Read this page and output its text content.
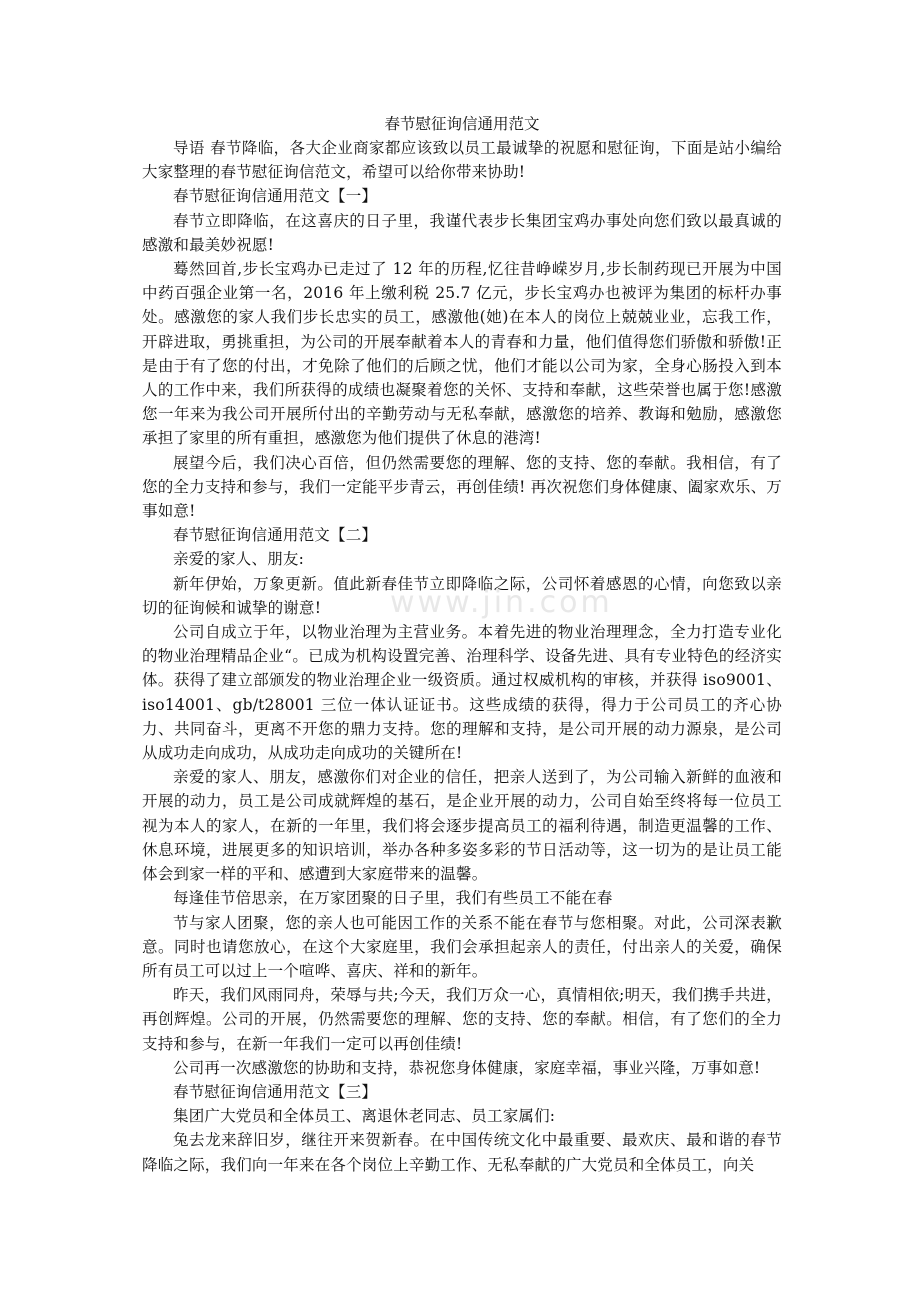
www.jin.com
春节慰征询信通用范文

导语 春节降临，各大企业商家都应该致以员工最诚挚的祝愿和慰征询，下面是站小编给大家整理的春节慰征询信范文，希望可以给你带来协助!

春节慰征询信通用范文【一】

春节立即降临，在这喜庆的日子里，我谨代表步长集团宝鸡办事处向您们致以最真诚的感激和最美妙祝愿!

蓦然回首,步长宝鸡办已走过了 12 年的历程,忆往昔峥嵘岁月,步长制药现已开展为中国中药百强企业第一名，2016 年上缴利税 25.7 亿元，步长宝鸡办也被评为集团的标杆办事处。感激您的家人我们步长忠实的员工，感激他(她)在本人的岗位上兢兢业业，忘我工作，开辟进取，勇挑重担，为公司的开展奉献着本人的青春和力量，他们值得您们骄傲和骄傲!正是由于有了您的付出，才免除了他们的后顾之忧，他们才能以公司为家，全身心肠投入到本人的工作中来，我们所获得的成绩也凝聚着您的关怀、支持和奉献，这些荣誉也属于您!感激您一年来为我公司开展所付出的辛勤劳动与无私奉献，感激您的培养、教诲和勉励，感激您承担了家里的所有重担，感激您为他们提供了休息的港湾!

展望今后，我们决心百倍，但仍然需要您的理解、您的支持、您的奉献。我相信，有了您的全力支持和参与，我们一定能平步青云，再创佳绩! 再次祝您们身体健康、阖家欢乐、万事如意!

春节慰征询信通用范文【二】

亲爱的家人、朋友:

新年伊始，万象更新。值此新春佳节立即降临之际，公司怀着感恩的心情，向您致以亲切的征询候和诚挚的谢意!

公司自成立于年，以物业治理为主营业务。本着先进的物业治理理念，全力打造专业化的物业治理精品企业“。已成为机构设置完善、治理科学、设备先进、具有专业特色的经济实体。获得了建立部颁发的物业治理企业一级资质。通过权威机构的审核，并获得 iso9001、iso14001、gb/t28001 三位一体认证证书。这些成绩的获得，得力于公司员工的齐心协力、共同奋斗，更离不开您的鼎力支持。您的理解和支持，是公司开展的动力源泉，是公司从成功走向成功，从成功走向成功的关键所在!

亲爱的家人、朋友，感激你们对企业的信任，把亲人送到了，为公司输入新鲜的血液和开展的动力，员工是公司成就辉煌的基石，是企业开展的动力，公司自始至终将每一位员工视为本人的家人，在新的一年里，我们将会逐步提高员工的福利待遇，制造更温馨的工作、休息环境，进展更多的知识培训，举办各种多姿多彩的节日活动等，这一切为的是让员工能体会到家一样的平和、感遭到大家庭带来的温馨。

每逢佳节倍思亲，在万家团聚的日子里，我们有些员工不能在春

节与家人团聚，您的亲人也可能因工作的关系不能在春节与您相聚。对此，公司深表歉意。同时也请您放心，在这个大家庭里，我们会承担起亲人的责任，付出亲人的关爱，确保所有员工可以过上一个喧哗、喜庆、祥和的新年。

昨天，我们风雨同舟，荣辱与共;今天，我们万众一心，真情相依;明天，我们携手共进，再创辉煌。公司的开展，仍然需要您的理解、您的支持、您的奉献。相信，有了您们的全力支持和参与，在新一年我们一定可以再创佳绩!

公司再一次感激您的协助和支持，恭祝您身体健康，家庭幸福，事业兴隆，万事如意!

春节慰征询信通用范文【三】

集团广大党员和全体员工、离退休老同志、员工家属们:

兔去龙来辞旧岁，继往开来贺新春。在中国传统文化中最重要、最欢庆、最和谐的春节降临之际，我们向一年来在各个岗位上辛勤工作、无私奉献的广大党员和全体员工，向关
